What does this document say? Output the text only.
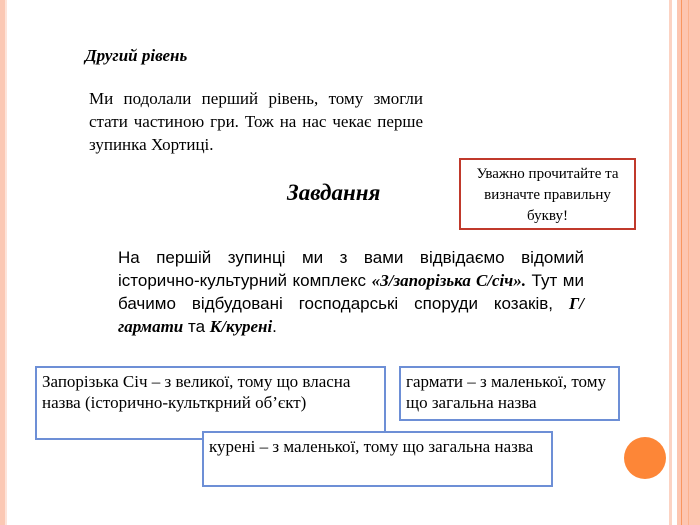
Другий рівень
Ми подолали перший рівень, тому змогли стати частиною гри. Тож на нас чекає перше зупинка Хортиці.
Завдання
Уважно прочитайте та визначте правильну букву!
На першій зупинці ми з вами відвідаємо відомий історично-культурний комплекс «З/запорізька С/січ». Тут ми бачимо відбудовані господарські споруди козаків, Г/гармати та К/курені.
Запорізька Січ – з великої, тому що власна назва (історично-культкрний об’єкт)
гармати – з маленької, тому що загальна назва
курені – з маленької, тому що загальна назва
